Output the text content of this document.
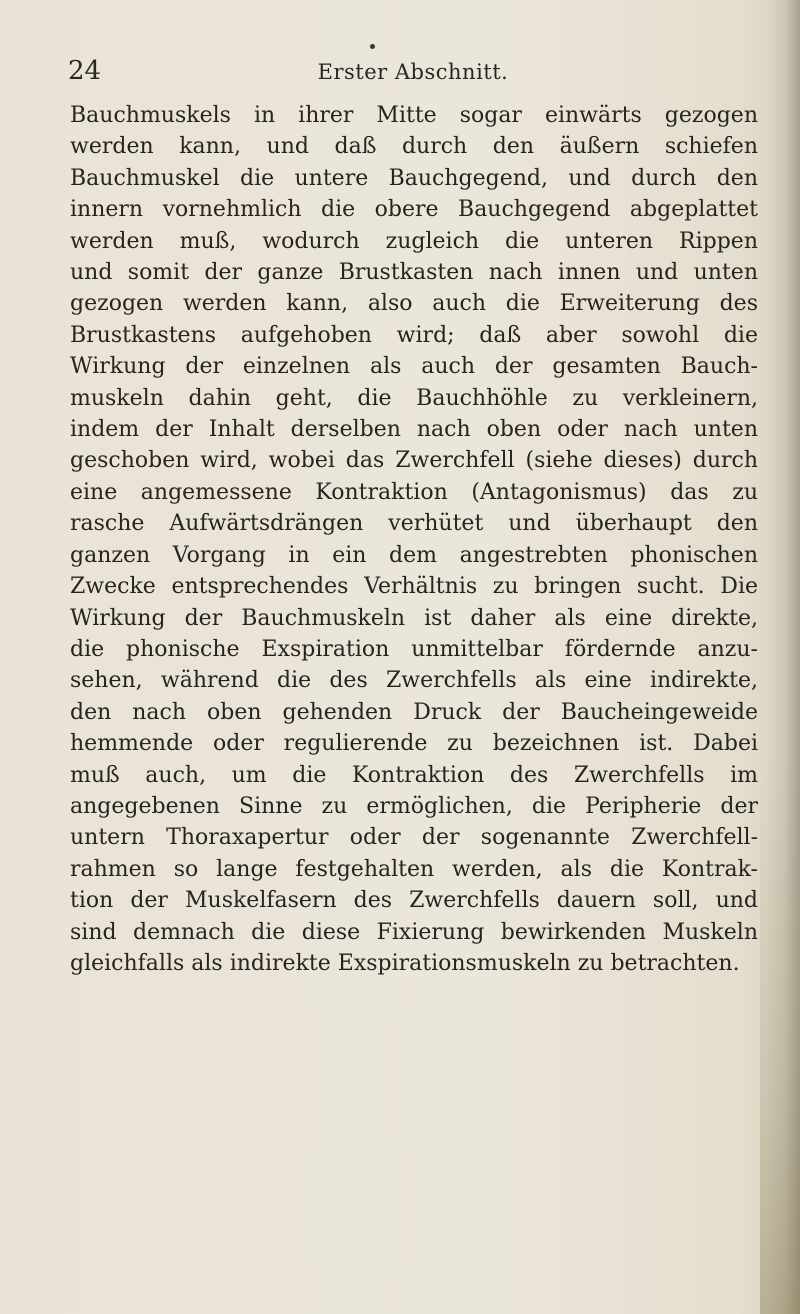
24	Erster Abschnitt.
Bauchmuskels in ihrer Mitte sogar einwärts gezogen
werden kann, und daß durch den äußern schiefen
Bauchmuskel die untere Bauchgegend, und durch den
innern vornehmlich die obere Bauchgegend abgeplattet
werden muß, wodurch zugleich die unteren Rippen
und somit der ganze Brustkasten nach innen und unten
gezogen werden kann, also auch die Erweiterung des
Brustkastens aufgehoben wird; daß aber sowohl die
Wirkung der einzelnen als auch der gesamten Bauch-
muskeln dahin geht, die Bauchhöhle zu verkleinern,
indem der Inhalt derselben nach oben oder nach unten
geschoben wird, wobei das Zwerchfell (siehe dieses) durch
eine angemessene Kontraktion (Antagonismus) das zu
rasche Aufwärtsdrängen verhütet und überhaupt den
ganzen Vorgang in ein dem angestrebten phonischen
Zwecke entsprechendes Verhältnis zu bringen sucht. Die
Wirkung der Bauchmuskeln ist daher als eine direkte,
die phonische Exspiration unmittelbar fördernde anzu-
sehen, während die des Zwerchfells als eine indirekte,
den nach oben gehenden Druck der Baucheingeweide
hemmende oder regulierende zu bezeichnen ist. Dabei
muß auch, um die Kontraktion des Zwerchfells im
angegebenen Sinne zu ermöglichen, die Peripherie der
untern Thoraxapertur oder der sogenannte Zwerchfell-
rahmen so lange festgehalten werden, als die Kontrak-
tion der Muskelfasern des Zwerchfells dauern soll, und
sind demnach die diese Fixierung bewirkenden Muskeln
gleichfalls als indirekte Exspirationsmuskeln zu betrachten.
